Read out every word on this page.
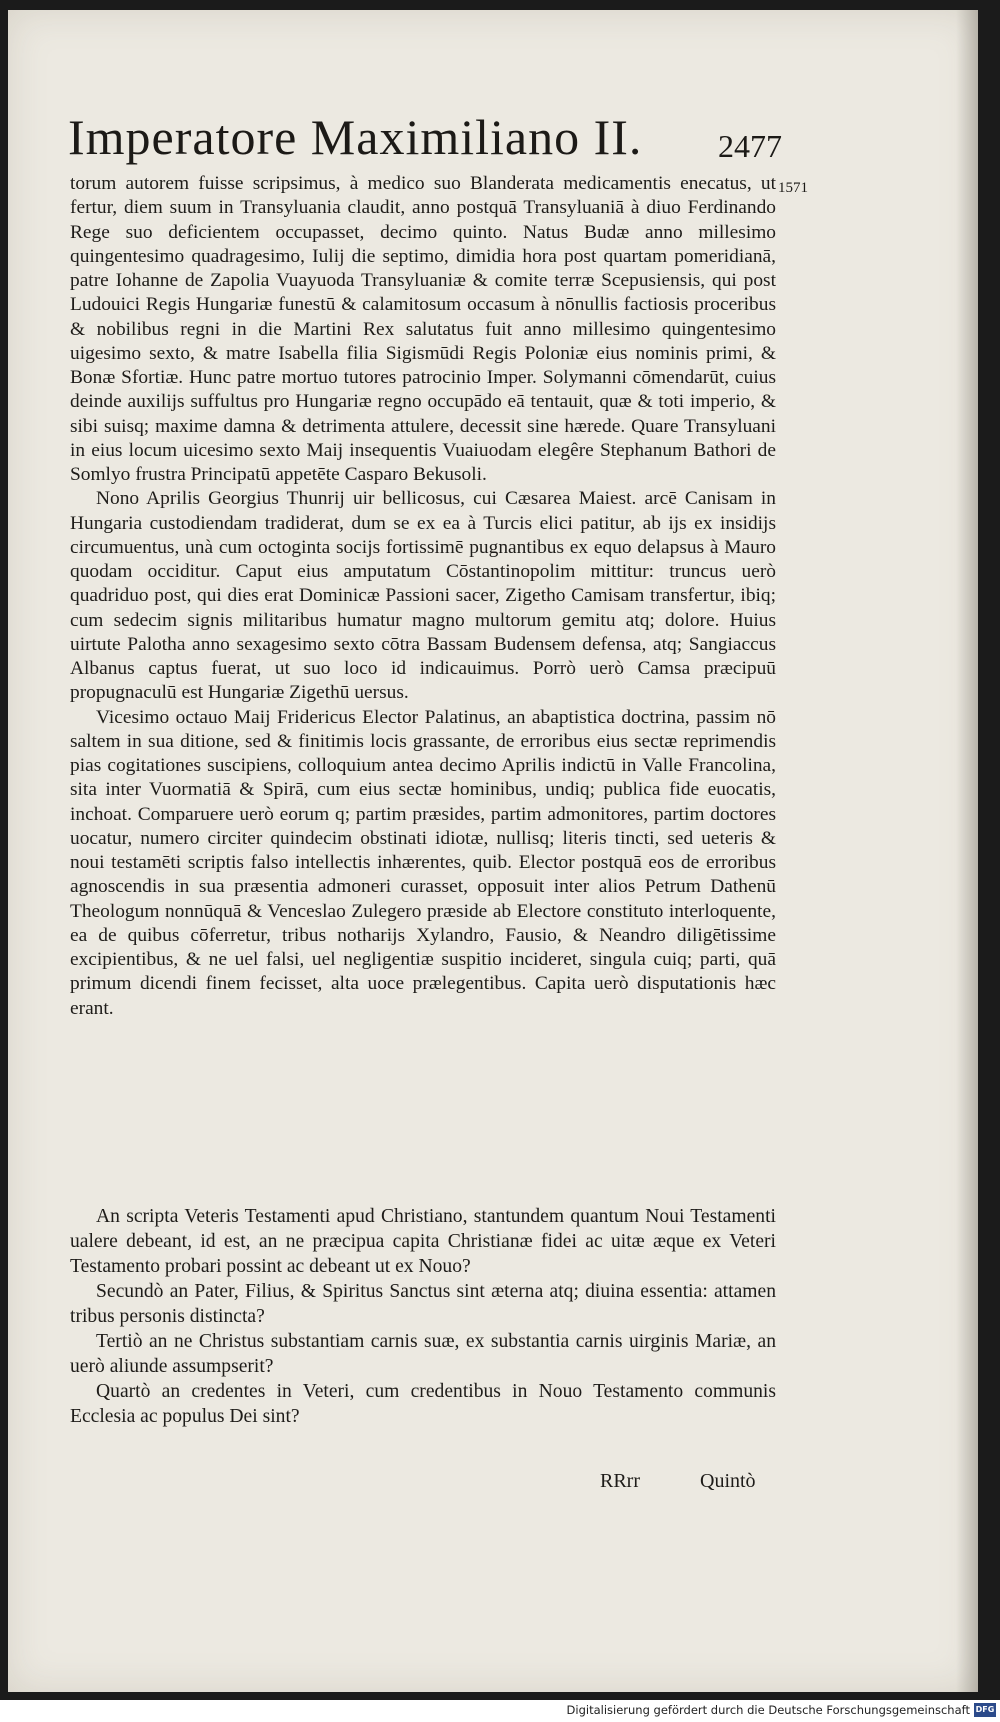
Imperatore Maximiliano II.	2477
1571

torum autorem fuisse scripsimus, à medico suo Blanderata medicamentis enecatus, ut fertur, diem suum in Transyluania claudit, anno postquā Transyluaniā à diuo Ferdinando Rege suo deficientem occupasset, decimo quinto. Natus Budæ anno millesimo quingentesimo quadragesimo, Iulij die septimo, dimidia hora post quartam pomeridianā, patre Iohanne de Zapolia Vuayuoda Transyluaniæ & comite terræ Scepusiensis, qui post Ludouici Regis Hungariæ funestū & calamitosum occasum à nōnullis factiosis proceribus & nobilibus regni in die Martini Rex salutatus fuit anno millesimo quingentesimo uigesimo sexto, & matre Isabella filia Sigismūdi Regis Poloniæ eius nominis primi, & Bonæ Sfortiæ. Hunc patre mortuo tutores patrocinio Imper. Solymanni cōmendarūt, cuius deinde auxilijs suffultus pro Hungariæ regno occupādo eā tentauit, quæ & toti imperio, & sibi suisq; maxime damna & detrimenta attulere, decessit sine hærede. Quare Transyluani in eius locum uicesimo sexto Maij insequentis Vuaiuodam elegêre Stephanum Bathori de Somlyo frustra Principatū appetēte Casparo Bekusoli.

Nono Aprilis Georgius Thunrij uir bellicosus, cui Cæsarea Maiest. arcē Canisam in Hungaria custodiendam tradiderat, dum se ex ea à Turcis elici patitur, ab ijs ex insidijs circumuentus, unà cum octoginta socijs fortissimē pugnantibus ex equo delapsus à Mauro quodam occiditur. Caput eius amputatum Cōstantinopolim mittitur: truncus uerò quadriduo post, qui dies erat Dominicæ Passioni sacer, Zigetho Camisam transfertur, ibiq; cum sedecim signis militaribus humatur magno multorum gemitu atq; dolore. Huius uirtute Palotha anno sexagesimo sexto cōtra Bassam Budensem defensa, atq; Sangiaccus Albanus captus fuerat, ut suo loco id indicauimus. Porrò uerò Camsa præcipuū propugnaculū est Hungariæ Zigethū uersus.

Vicesimo octauo Maij Fridericus Elector Palatinus, an abaptistica doctrina, passim nō saltem in sua ditione, sed & finitimis locis grassante, de erroribus eius sectæ reprimendis pias cogitationes suscipiens, colloquium antea decimo Aprilis indictū in Valle Francolina, sita inter Vuormatiā & Spirā, cum eius sectæ hominibus, undiq; publica fide euocatis, inchoat. Comparuere uerò eorum q; partim præsides, partim admonitores, partim doctores uocatur, numero circiter quindecim obstinati idiotæ, nullisq; literis tincti, sed ueteris & noui testamēti scriptis falso intellectis inhærentes, quib. Elector postquā eos de erroribus agnoscendis in sua præsentia admoneri curasset, opposuit inter alios Petrum Dathenū Theologum nonnūquā & Venceslao Zulegero præside ab Electore constituto interloquente, ea de quibus cōferretur, tribus notharijs Xylandro, Fausio, & Neandro diligētissime excipientibus, & ne uel falsi, uel negligentiæ suspitio incideret, singula cuiq; parti, quā primum dicendi finem fecisset, alta uoce prælegentibus. Capita uerò disputationis hæc erant.

An scripta Veteris Testamenti apud Christiano, stantundem quantum Noui Testamenti ualere debeant, id est, an ne præcipua capita Christianæ fidei ac uitæ æque ex Veteri Testamento probari possint ac debeant ut ex Nouo?

Secundò an Pater, Filius, & Spiritus Sanctus sint æterna atq; diuina essentia: attamen tribus personis distincta?

Tertiò an ne Christus substantiam carnis suæ, ex substantia carnis uirginis Mariæ, an uerò aliunde assumpserit?

Quartò an credentes in Veteri, cum credentibus in Nouo Testamento communis Ecclesia ac populus Dei sint?

RRrr	Quintò
Digitalisierung gefördert durch die Deutsche Forschungsgemeinschaft DFG
